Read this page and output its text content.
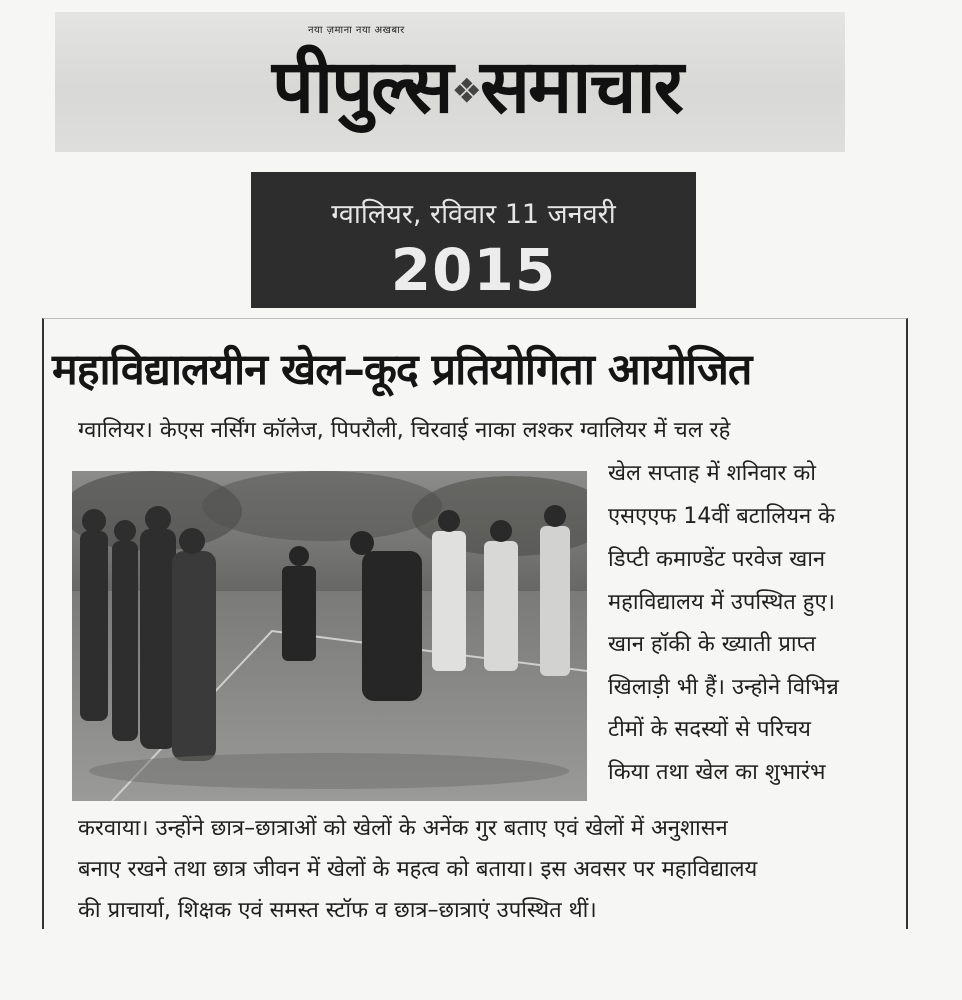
नया ज़माना नया अखबार
पीपुल्स❖समाचार
ग्वालियर, रविवार 11 जनवरी
2015
महाविद्यालयीन खेल–कूद प्रतियोगिता आयोजित
ग्वालियर। केएस नर्सिंग कॉलेज, पिपरौली, चिरवाई नाका लश्कर ग्वालियर में चल रहे
खेल सप्ताह में शनिवार को
एसएएफ 14वीं बटालियन के
डिप्टी कमाण्डेंट परवेज खान
महाविद्यालय में उपस्थित हुए।
खान हॉकी के ख्याती प्राप्त
खिलाड़ी भी हैं। उन्होने विभिन्न
टीमों के सदस्यों से परिचय
किया तथा खेल का शुभारंभ
करवाया। उन्होंने छात्र–छात्राओं को खेलों के अनेंक गुर बताए एवं खेलों में अनुशासन
बनाए रखने तथा छात्र जीवन में खेलों के महत्व को बताया। इस अवसर पर महाविद्यालय
की प्राचार्या, शिक्षक एवं समस्त स्टॉफ व छात्र–छात्राएं उपस्थित थीं।
